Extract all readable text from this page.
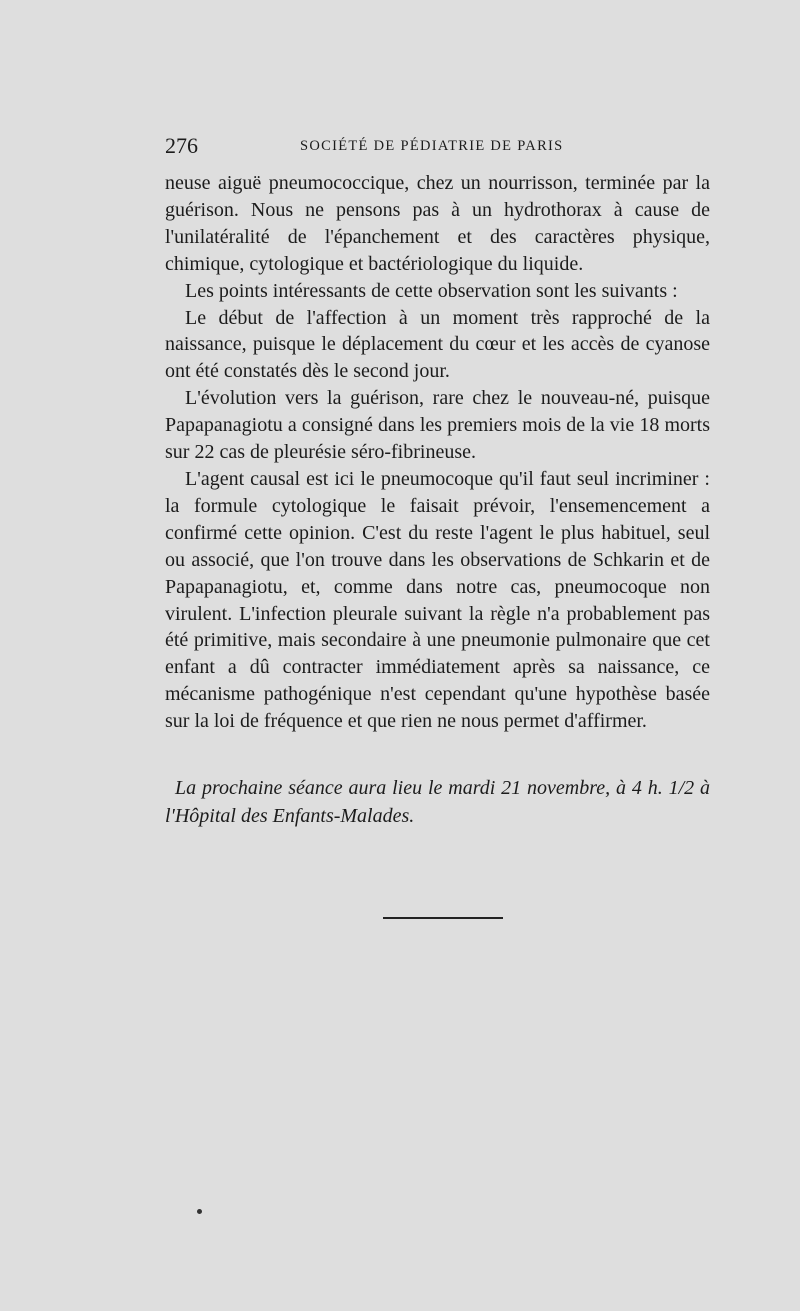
276	SOCIÉTÉ DE PÉDIATRIE DE PARIS

neuse aiguë pneumococcique, chez un nourrisson, terminée par la guérison. Nous ne pensons pas à un hydrothorax à cause de l'unilatéralité de l'épanchement et des caractères physique, chimique, cytologique et bactériologique du liquide.

Les points intéressants de cette observation sont les suivants :

Le début de l'affection à un moment très rapproché de la naissance, puisque le déplacement du cœur et les accès de cyanose ont été constatés dès le second jour.

L'évolution vers la guérison, rare chez le nouveau-né, puisque Papapanagiotu a consigné dans les premiers mois de la vie 18 morts sur 22 cas de pleurésie séro-fibrineuse.

L'agent causal est ici le pneumocoque qu'il faut seul incriminer : la formule cytologique le faisait prévoir, l'ensemencement a confirmé cette opinion. C'est du reste l'agent le plus habituel, seul ou associé, que l'on trouve dans les observations de Schkarin et de Papapanagiotu, et, comme dans notre cas, pneumocoque non virulent. L'infection pleurale suivant la règle n'a probablement pas été primitive, mais secondaire à une pneumonie pulmonaire que cet enfant a dû contracter immédiatement après sa naissance, ce mécanisme pathogénique n'est cependant qu'une hypothèse basée sur la loi de fréquence et que rien ne nous permet d'affirmer.

La prochaine séance aura lieu le mardi 21 novembre, à 4 h. 1/2 à l'Hôpital des Enfants-Malades.
